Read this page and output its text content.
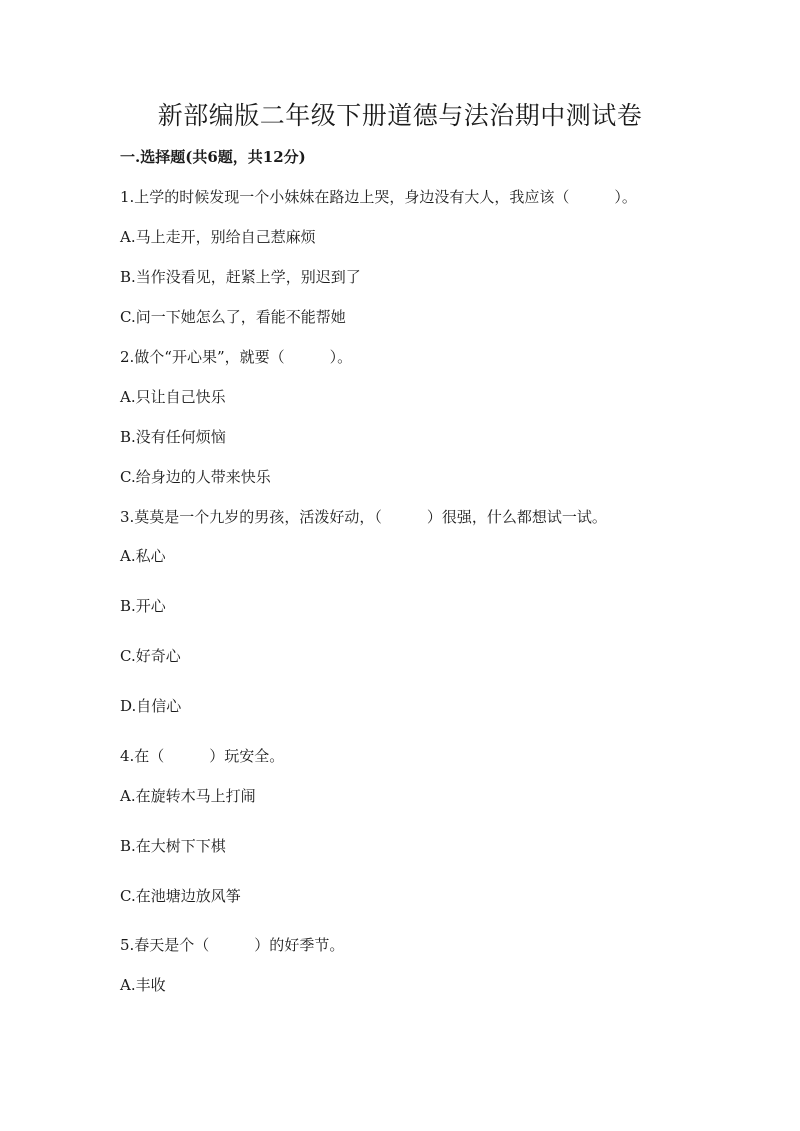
新部编版二年级下册道德与法治期中测试卷
一.选择题(共6题，共12分)
1.上学的时候发现一个小妹妹在路边上哭，身边没有大人，我应该（　　　）。
A.马上走开，别给自己惹麻烦
B.当作没看见，赶紧上学，别迟到了
C.问一下她怎么了，看能不能帮她
2.做个“开心果”，就要（　　　）。
A.只让自己快乐
B.没有任何烦恼
C.给身边的人带来快乐
3.莫莫是一个九岁的男孩，活泼好动，（　　　）很强，什么都想试一试。
A.私心
B.开心
C.好奇心
D.自信心
4.在（　　　）玩安全。
A.在旋转木马上打闹
B.在大树下下棋
C.在池塘边放风筝
5.春天是个（　　　）的好季节。
A.丰收
